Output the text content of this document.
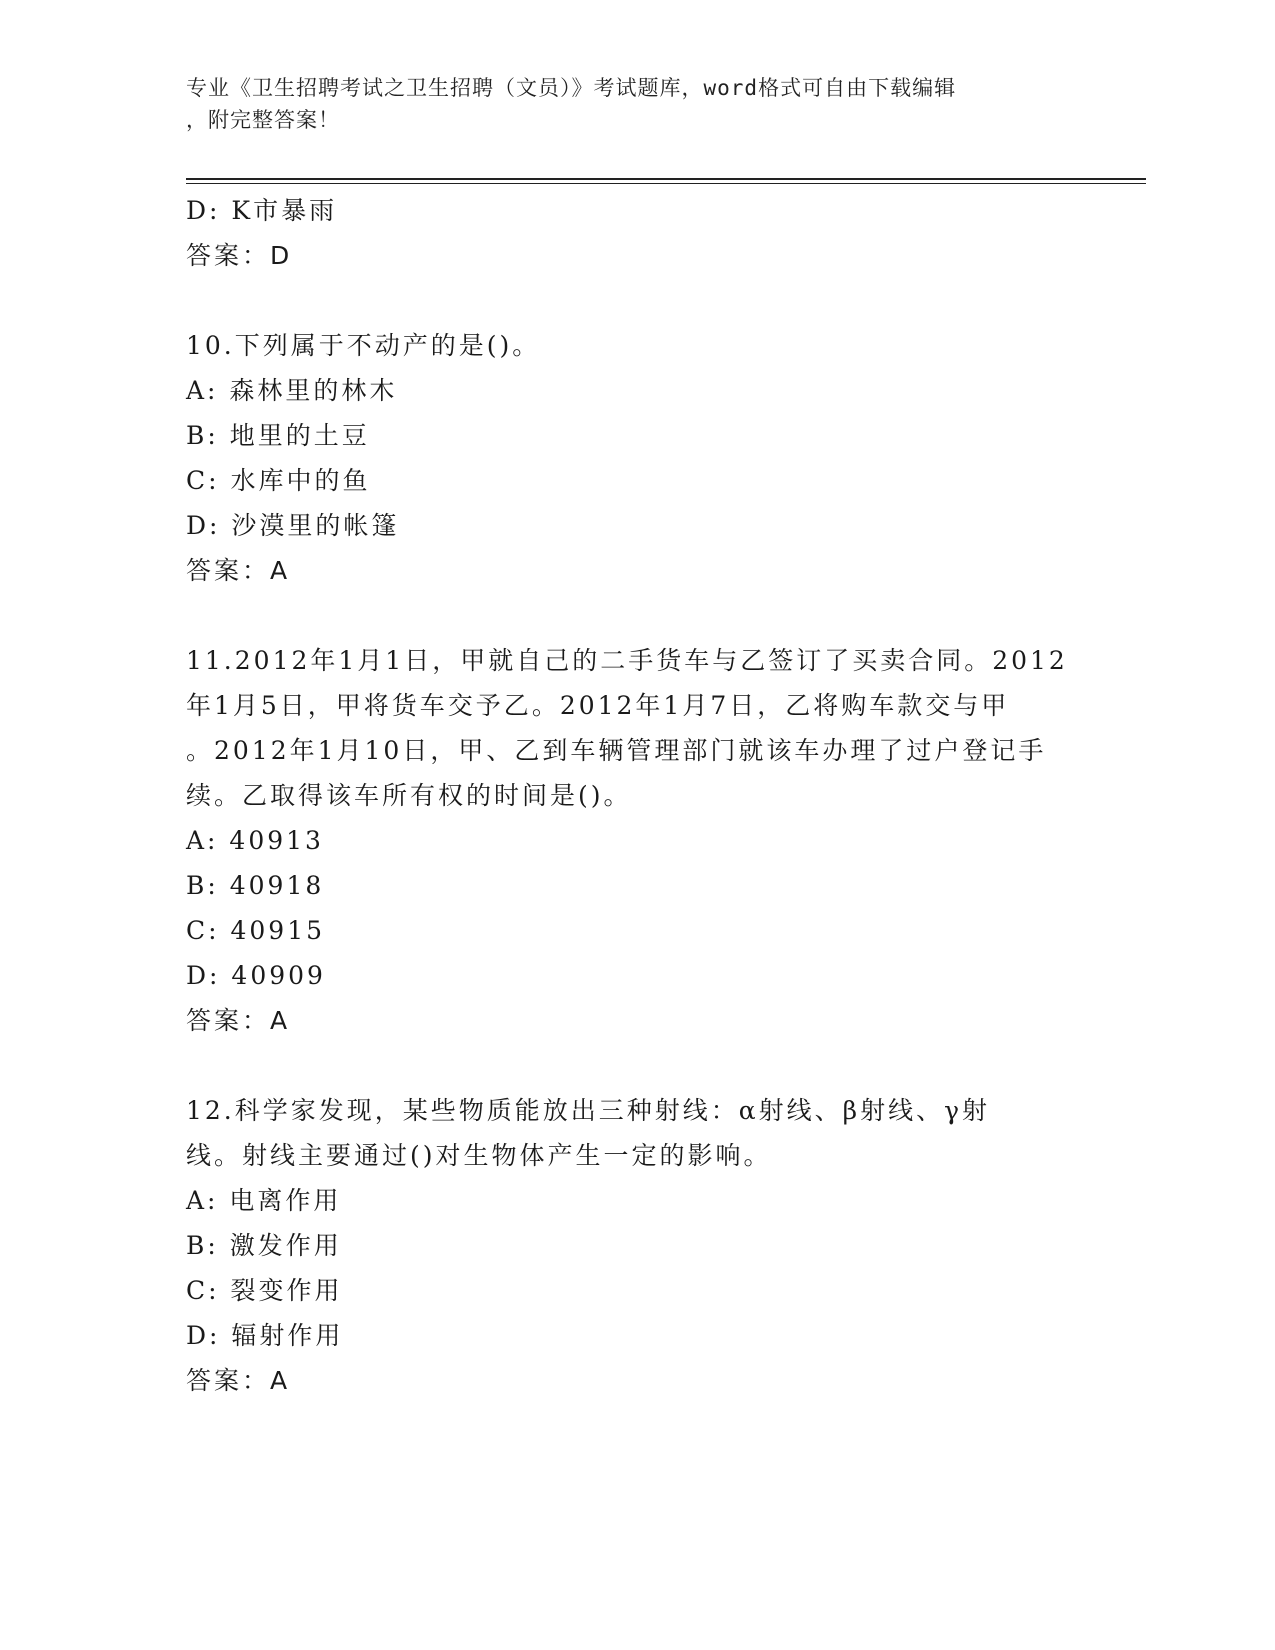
专业《卫生招聘考试之卫生招聘（文员）》考试题库，word格式可自由下载编辑
，附完整答案！

D: K市暴雨

答案：D

10.下列属于不动产的是()。

A: 森林里的林木

B: 地里的土豆

C: 水库中的鱼

D: 沙漠里的帐篷

答案：A

11.2012年1月1日，甲就自己的二手货车与乙签订了买卖合同。2012

年1月5日，甲将货车交予乙。2012年1月7日，乙将购车款交与甲

。2012年1月10日，甲、乙到车辆管理部门就该车办理了过户登记手

续。乙取得该车所有权的时间是()。

A: 40913

B: 40918

C: 40915

D: 40909

答案：A

12.科学家发现，某些物质能放出三种射线：α射线、β射线、γ射

线。射线主要通过()对生物体产生一定的影响。

A: 电离作用

B: 激发作用

C: 裂变作用

D: 辐射作用

答案：A
